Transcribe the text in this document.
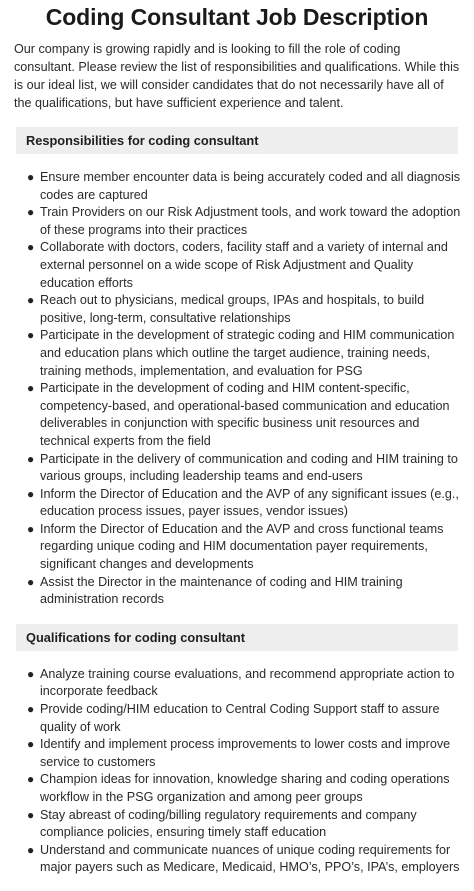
Coding Consultant Job Description

Our company is growing rapidly and is looking to fill the role of coding consultant. Please review the list of responsibilities and qualifications. While this is our ideal list, we will consider candidates that do not necessarily have all of the qualifications, but have sufficient experience and talent.

Responsibilities for coding consultant
● Ensure member encounter data is being accurately coded and all diagnosis codes are captured
● Train Providers on our Risk Adjustment tools, and work toward the adoption of these programs into their practices
● Collaborate with doctors, coders, facility staff and a variety of internal and external personnel on a wide scope of Risk Adjustment and Quality education efforts
● Reach out to physicians, medical groups, IPAs and hospitals, to build positive, long-term, consultative relationships
● Participate in the development of strategic coding and HIM communication and education plans which outline the target audience, training needs, training methods, implementation, and evaluation for PSG
● Participate in the development of coding and HIM content-specific, competency-based, and operational-based communication and education deliverables in conjunction with specific business unit resources and technical experts from the field
● Participate in the delivery of communication and coding and HIM training to various groups, including leadership teams and end-users
● Inform the Director of Education and the AVP of any significant issues (e.g., education process issues, payer issues, vendor issues)
● Inform the Director of Education and the AVP and cross functional teams regarding unique coding and HIM documentation payer requirements, significant changes and developments
● Assist the Director in the maintenance of coding and HIM training administration records
Qualifications for coding consultant
● Analyze training course evaluations, and recommend appropriate action to incorporate feedback
● Provide coding/HIM education to Central Coding Support staff to assure quality of work
● Identify and implement process improvements to lower costs and improve service to customers
● Champion ideas for innovation, knowledge sharing and coding operations workflow in the PSG organization and among peer groups
● Stay abreast of coding/billing regulatory requirements and company compliance policies, ensuring timely staff education
● Understand and communicate nuances of unique coding requirements for major payers such as Medicare, Medicaid, HMO’s, PPO’s, IPA’s, employers
